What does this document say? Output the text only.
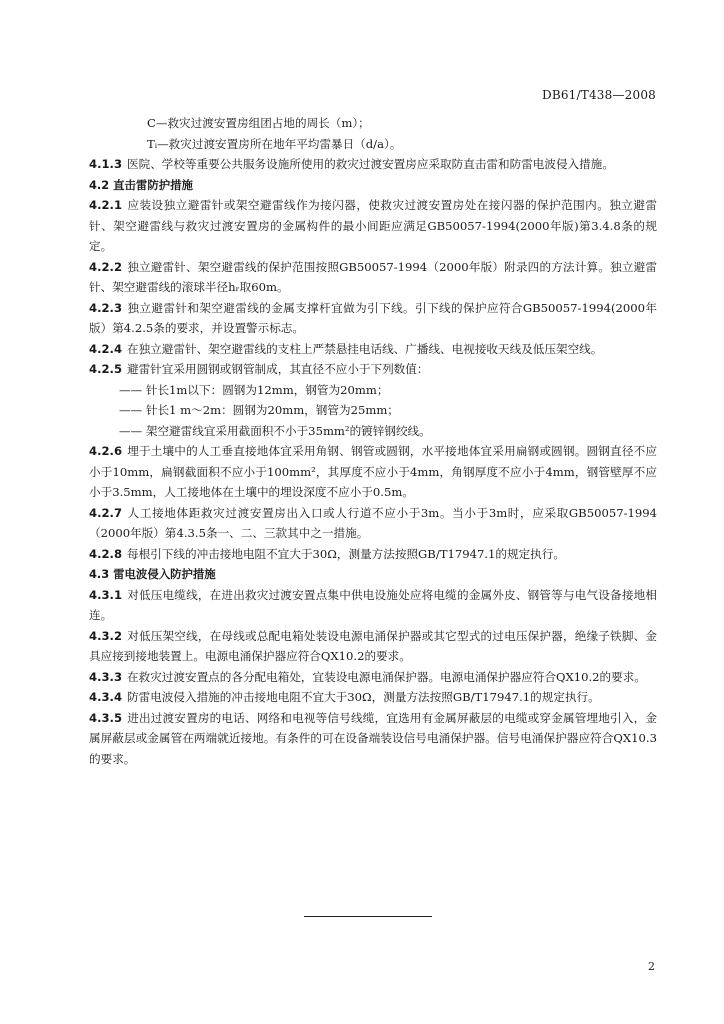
DB61/T438—2008

C—救灾过渡安置房组团占地的周长（m）；

Tᵢ—救灾过渡安置房所在地年平均雷暴日（d/a）。

4.1.3 医院、学校等重要公共服务设施所使用的救灾过渡安置房应采取防直击雷和防雷电波侵入措施。

4.2 直击雷防护措施

4.2.1 应装设独立避雷针或架空避雷线作为接闪器，使救灾过渡安置房处在接闪器的保护范围内。独立避雷针、架空避雷线与救灾过渡安置房的金属构件的最小间距应满足GB50057-1994(2000年版)第3.4.8条的规定。

4.2.2 独立避雷针、架空避雷线的保护范围按照GB50057-1994（2000年版）附录四的方法计算。独立避雷针、架空避雷线的滚球半径hᵣ取60m。

4.2.3 独立避雷针和架空避雷线的金属支撑杆宜做为引下线。引下线的保护应符合GB50057-1994(2000年版）第4.2.5条的要求，并设置警示标志。

4.2.4 在独立避雷针、架空避雷线的支柱上严禁悬挂电话线、广播线、电视接收天线及低压架空线。

4.2.5 避雷针宜采用圆钢或钢管制成，其直径不应小于下列数值：

—— 针长1m以下：圆钢为12mm，钢管为20mm；

—— 针长1 m～2m：圆钢为20mm，钢管为25mm；

—— 架空避雷线宜采用截面积不小于35mm²的镀锌钢绞线。

4.2.6 埋于土壤中的人工垂直接地体宜采用角钢、钢管或圆钢，水平接地体宜采用扁钢或圆钢。圆钢直径不应小于10mm，扁钢截面积不应小于100mm²，其厚度不应小于4mm，角钢厚度不应小于4mm，钢管壁厚不应小于3.5mm，人工接地体在土壤中的埋设深度不应小于0.5m。

4.2.7 人工接地体距救灾过渡安置房出入口或人行道不应小于3m。当小于3m时，应采取GB50057-1994（2000年版）第4.3.5条一、二、三款其中之一措施。

4.2.8 每根引下线的冲击接地电阻不宜大于30Ω，测量方法按照GB/T17947.1的规定执行。

4.3 雷电波侵入防护措施

4.3.1 对低压电缆线，在进出救灾过渡安置点集中供电设施处应将电缆的金属外皮、钢管等与电气设备接地相连。

4.3.2 对低压架空线，在母线或总配电箱处装设电源电涌保护器或其它型式的过电压保护器，绝缘子铁脚、金具应接到接地装置上。电源电涌保护器应符合QX10.2的要求。

4.3.3 在救灾过渡安置点的各分配电箱处，宜装设电源电涌保护器。电源电涌保护器应符合QX10.2的要求。

4.3.4 防雷电波侵入措施的冲击接地电阻不宜大于30Ω，测量方法按照GB/T17947.1的规定执行。

4.3.5 进出过渡安置房的电话、网络和电视等信号线缆，宜选用有金属屏蔽层的电缆或穿金属管埋地引入，金属屏蔽层或金属管在两端就近接地。有条件的可在设备端装设信号电涌保护器。信号电涌保护器应符合QX10.3的要求。

2
